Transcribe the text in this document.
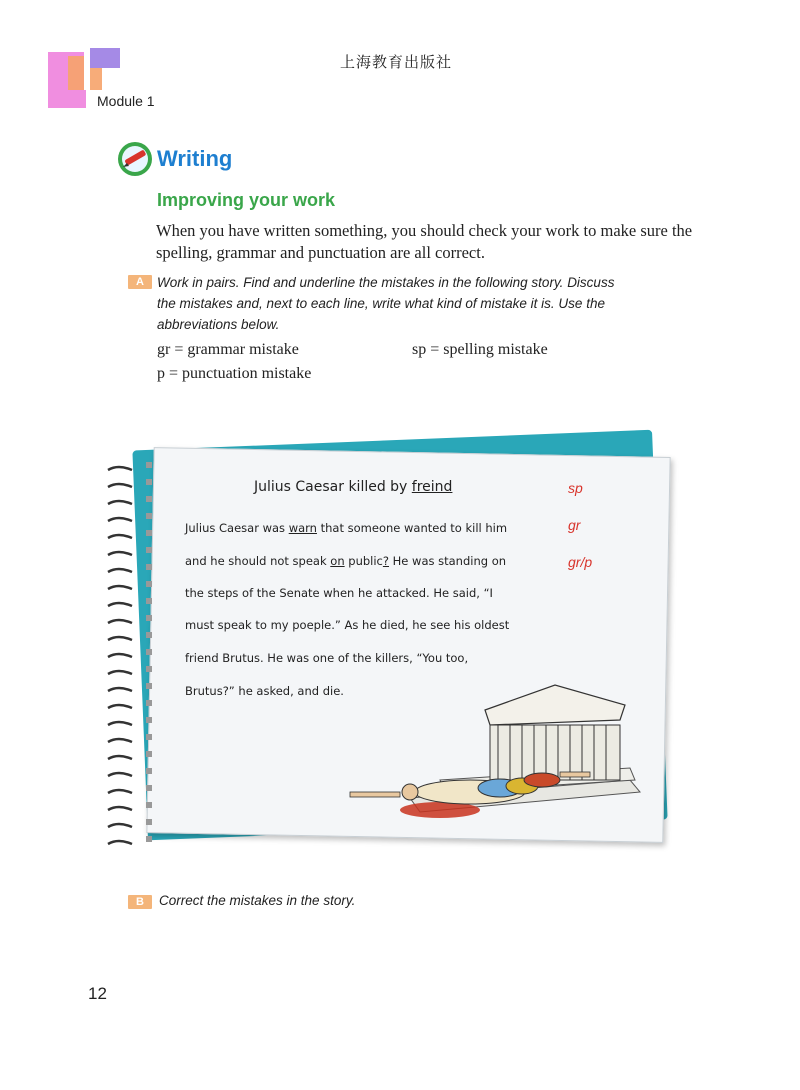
上海教育出版社
Module 1
Writing
Improving your work
When you have written something, you should check your work to make sure the spelling, grammar and punctuation are all correct.
A Work in pairs. Find and underline the mistakes in the following story. Discuss
the mistakes and, next to each line, write what kind of mistake it is. Use the
abbreviations below.
gr = grammar mistake	sp = spelling mistake
p = punctuation mistake
Julius Caesar killed by freind
Julius Caesar was warn that someone wanted to kill him
and he should not speak on public? He was standing on
the steps of the Senate when he attacked. He said, “I
must speak to my poeple.” As he died, he see his oldest
friend Brutus. He was one of the killers, “You too,
Brutus?” he asked, and die.
sp
gr
gr/p
B	Correct the mistakes in the story.
12
